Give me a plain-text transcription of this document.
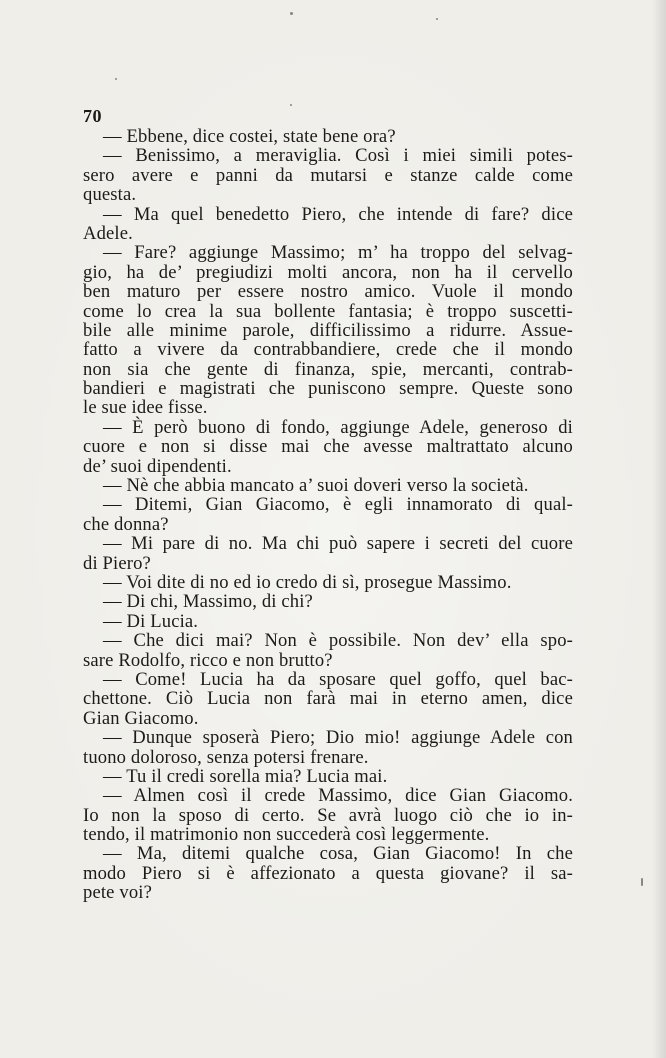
70
— Ebbene, dice costei, state bene ora?
— Benissimo, a meraviglia. Così i miei simili potes-
sero avere e panni da mutarsi e stanze calde come
questa.
— Ma quel benedetto Piero, che intende di fare? dice
Adele.
— Fare? aggiunge Massimo; m’ ha troppo del selvag-
gio, ha de’ pregiudizi molti ancora, non ha il cervello
ben maturo per essere nostro amico. Vuole il mondo
come lo crea la sua bollente fantasia; è troppo suscetti-
bile alle minime parole, difficilissimo a ridurre. Assue-
fatto a vivere da contrabbandiere, crede che il mondo
non sia che gente di finanza, spie, mercanti, contrab-
bandieri e magistrati che puniscono sempre. Queste sono
le sue idee fisse.
— È però buono di fondo, aggiunge Adele, generoso di
cuore e non si disse mai che avesse maltrattato alcuno
de’ suoi dipendenti.
— Nè che abbia mancato a’ suoi doveri verso la società.
— Ditemi, Gian Giacomo, è egli innamorato di qual-
che donna?
— Mi pare di no. Ma chi può sapere i secreti del cuore
di Piero?
— Voi dite di no ed io credo di sì, prosegue Massimo.
— Di chi, Massimo, di chi?
— Di Lucia.
— Che dici mai? Non è possibile. Non dev’ ella spo-
sare Rodolfo, ricco e non brutto?
— Come! Lucia ha da sposare quel goffo, quel bac-
chettone. Ciò Lucia non farà mai in eterno amen, dice
Gian Giacomo.
— Dunque sposerà Piero; Dio mio! aggiunge Adele con
tuono doloroso, senza potersi frenare.
— Tu il credi sorella mia? Lucia mai.
— Almen così il crede Massimo, dice Gian Giacomo.
Io non la sposo di certo. Se avrà luogo ciò che io in-
tendo, il matrimonio non succederà così leggermente.
— Ma, ditemi qualche cosa, Gian Giacomo! In che
modo Piero si è affezionato a questa giovane? il sa-
pete voi?
